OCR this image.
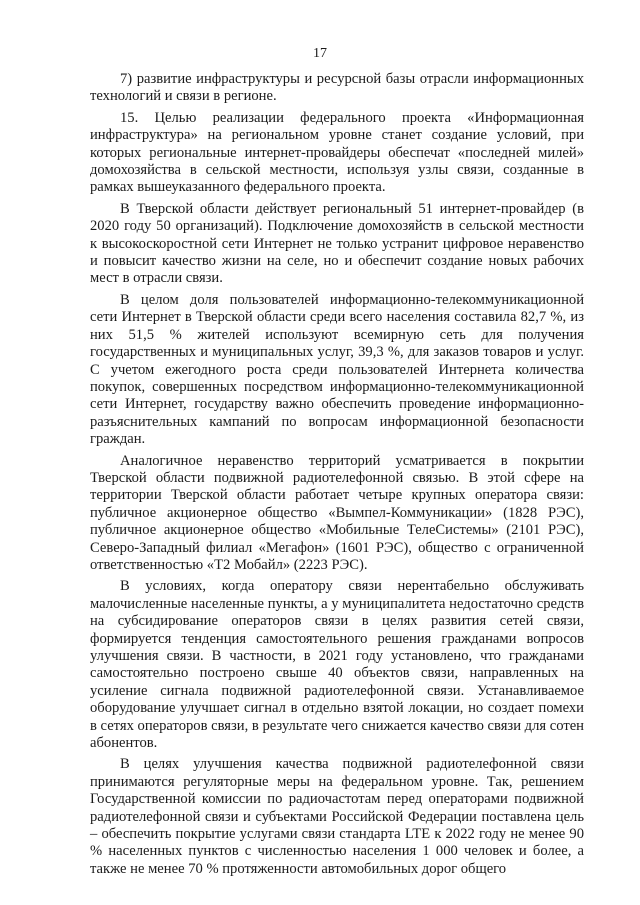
17

7) развитие инфраструктуры и ресурсной базы отрасли информационных технологий и связи в регионе.

15. Целью реализации федерального проекта «Информационная инфраструктура» на региональном уровне станет создание условий, при которых региональные интернет-провайдеры обеспечат «последней милей» домохозяйства в сельской местности, используя узлы связи, созданные в рамках вышеуказанного федерального проекта.

В Тверской области действует региональный 51 интернет-провайдер (в 2020 году 50 организаций). Подключение домохозяйств в сельской местности к высокоскоростной сети Интернет не только устранит цифровое неравенство и повысит качество жизни на селе, но и обеспечит создание новых рабочих мест в отрасли связи.

В целом доля пользователей информационно-телекоммуникационной сети Интернет в Тверской области среди всего населения составила 82,7 %, из них 51,5 % жителей используют всемирную сеть для получения государственных и муниципальных услуг, 39,3 %, для заказов товаров и услуг. С учетом ежегодного роста среди пользователей Интернета количества покупок, совершенных посредством информационно-телекоммуникационной сети Интернет, государству важно обеспечить проведение информационно-разъяснительных кампаний по вопросам информационной безопасности граждан.

Аналогичное неравенство территорий усматривается в покрытии Тверской области подвижной радиотелефонной связью. В этой сфере на территории Тверской области работает четыре крупных оператора связи: публичное акционерное общество «Вымпел-Коммуникации» (1828 РЭС), публичное акционерное общество «Мобильные ТелеСистемы» (2101 РЭС), Северо-Западный филиал «Мегафон» (1601 РЭС), общество с ограниченной ответственностью «Т2 Мобайл» (2223 РЭС).

В условиях, когда оператору связи нерентабельно обслуживать малочисленные населенные пункты, а у муниципалитета недостаточно средств на субсидирование операторов связи в целях развития сетей связи, формируется тенденция самостоятельного решения гражданами вопросов улучшения связи. В частности, в 2021 году установлено, что гражданами самостоятельно построено свыше 40 объектов связи, направленных на усиление сигнала подвижной радиотелефонной связи. Устанавливаемое оборудование улучшает сигнал в отдельно взятой локации, но создает помехи в сетях операторов связи, в результате чего снижается качество связи для сотен абонентов.

В целях улучшения качества подвижной радиотелефонной связи принимаются регуляторные меры на федеральном уровне. Так, решением Государственной комиссии по радиочастотам перед операторами подвижной радиотелефонной связи и субъектами Российской Федерации поставлена цель – обеспечить покрытие услугами связи стандарта LTE к 2022 году не менее 90 % населенных пунктов с численностью населения 1 000 человек и более, а также не менее 70 % протяженности автомобильных дорог общего
